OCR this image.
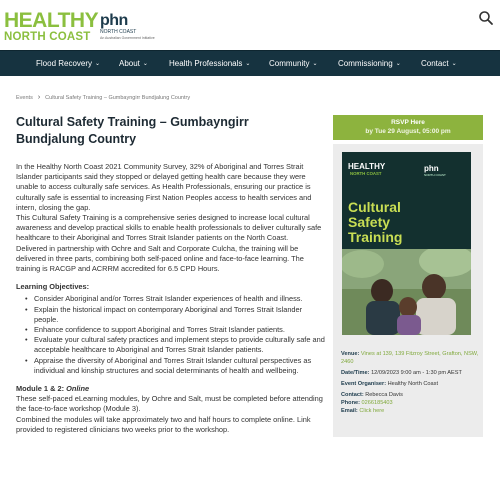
HEALTHY
NORTH COAST
phn
NORTH COAST
An Australian Government Initiative
Flood Recovery ⌄ About ⌄	Health Professionals ⌄ Community ⌄	Commissioning ⌄	Contact ⌄
Events › Cultural Safety Training – Gumbayngirr Bundjalung Country
Cultural Safety Training – Gumbayngirr Bundjalung Country

In the Healthy North Coast 2021 Community Survey, 32% of Aboriginal and Torres Strait Islander participants said they stopped or delayed getting health care because they were unable to access culturally safe services. As Health Professionals, ensuring our practice is culturally safe is essential to increasing First Nation Peoples access to health services and intern, closing the gap.

This Cultural Safety Training is a comprehensive series designed to increase local cultural awareness and develop practical skills to enable health professionals to deliver culturally safe healthcare to their Aboriginal and Torres Strait Islander patients on the North Coast.

Delivered in partnership with Ochre and Salt and Corporate Culcha, the training will be delivered in three parts, combining both self-paced online and face-to-face learning. The training is RACGP and ACRRM accredited for 6.5 CPD Hours.

Learning Objectives:

• Consider Aboriginal and/or Torres Strait Islander experiences of health and illness.
• Explain the historical impact on contemporary Aboriginal and Torres Strait Islander people.
• Enhance confidence to support Aboriginal and Torres Strait Islander patients.
• Evaluate your cultural safety practices and implement steps to provide culturally safe and acceptable healthcare to Aboriginal and Torres Strait Islander patients.
• Appraise the diversity of Aboriginal and Torres Strait Islander cultural perspectives as individual and kinship structures and social determinants of health and wellbeing.

Module 1 & 2: Online

These self-paced eLearning modules, by Ochre and Salt, must be completed before attending the face-to-face workshop (Module 3).

Combined the modules will take approximately two and half hours to complete online. Link provided to registered clinicians two weeks prior to the workshop.

RSVP Here
by Tue 29 August, 05:00 pm
HEALTHY
NORTH COAST
phn
NORTH COAST
Cultural
Safety
Training
Venue: Vines at 139, 139 Fitzroy Street, Grafton, NSW, 2460
Date/Time: 12/09/2023 9:00 am - 1:30 pm AEST
Event Organiser: Healthy North Coast
Contact: Rebecca Davis
Phone: 0266185403
Email: Click here
